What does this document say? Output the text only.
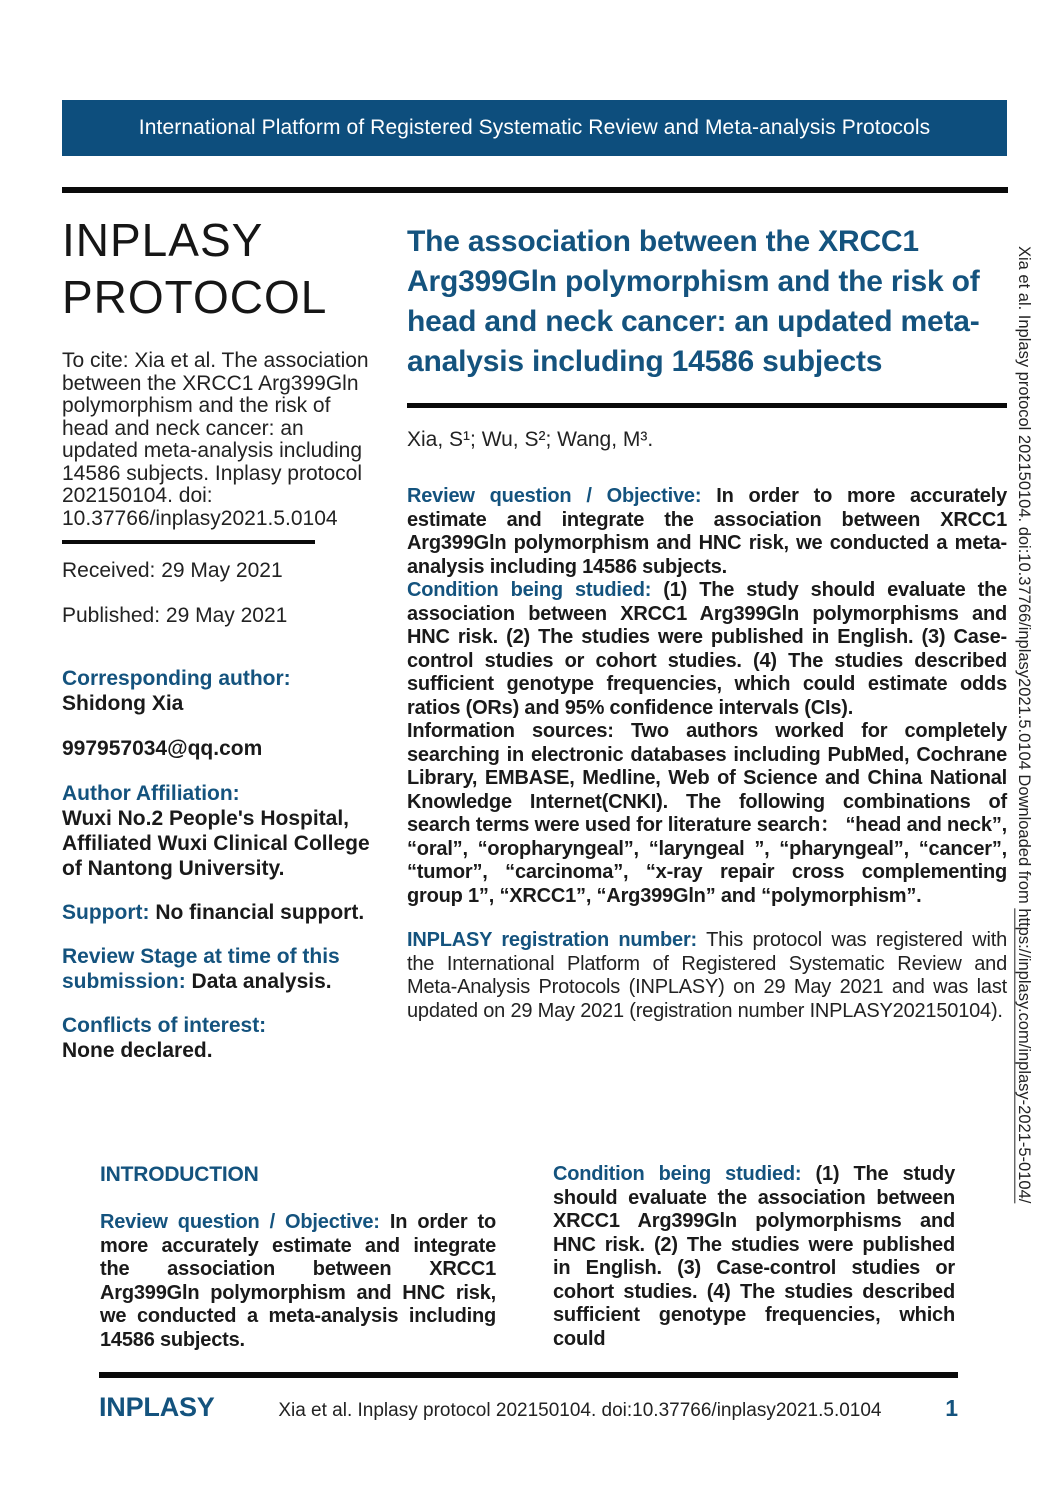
International Platform of Registered Systematic Review and Meta-analysis Protocols
INPLASY
PROTOCOL
To cite: Xia et al. The association between the XRCC1 Arg399Gln polymorphism and the risk of head and neck cancer: an updated meta-analysis including 14586 subjects. Inplasy protocol 202150104. doi: 10.37766/inplasy2021.5.0104
Received: 29 May 2021
Published: 29 May 2021
Corresponding author:
Shidong Xia
997957034@qq.com
Author Affiliation:
Wuxi No.2 People's Hospital, Affiliated Wuxi Clinical College of Nantong University.
Support: No financial support.
Review Stage at time of this submission: Data analysis.
Conflicts of interest:
None declared.
The association between the XRCC1 Arg399Gln polymorphism and the risk of head and neck cancer: an updated meta-analysis including 14586 subjects
Xia, S¹; Wu, S²; Wang, M³.

Review question / Objective: In order to more accurately estimate and integrate the association between XRCC1 Arg399Gln polymorphism and HNC risk, we conducted a meta-analysis including 14586 subjects.

Condition being studied: (1) The study should evaluate the association between XRCC1 Arg399Gln polymorphisms and HNC risk. (2) The studies were published in English. (3) Case-control studies or cohort studies. (4) The studies described sufficient genotype frequencies, which could estimate odds ratios (ORs) and 95% confidence intervals (CIs).

Information sources: Two authors worked for completely searching in electronic databases including PubMed, Cochrane Library, EMBASE, Medline, Web of Science and China National Knowledge Internet(CNKI). The following combinations of search terms were used for literature search： “head and neck”, “oral”, “oropharyngeal”, “laryngeal ”, “pharyngeal”, “cancer”, “tumor”, “carcinoma”, “x-ray repair cross complementing group 1”, “XRCC1”, “Arg399Gln” and “polymorphism”.

INPLASY registration number: This protocol was registered with the International Platform of Registered Systematic Review and Meta-Analysis Protocols (INPLASY) on 29 May 2021 and was last updated on 29 May 2021 (registration number INPLASY202150104).

INTRODUCTION

Review question / Objective: In order to more accurately estimate and integrate the association between XRCC1 Arg399Gln polymorphism and HNC risk, we conducted a meta-analysis including 14586 subjects.

Condition being studied: (1) The study should evaluate the association between XRCC1 Arg399Gln polymorphisms and HNC risk. (2) The studies were published in English. (3) Case-control studies or cohort studies. (4) The studies described sufficient genotype frequencies, which could

INPLASY	Xia et al. Inplasy protocol 202150104. doi:10.37766/inplasy2021.5.0104	1
Xia et al. Inplasy protocol 202150104. doi:10.37766/inplasy2021.5.0104 Downloaded from https://inplasy.com/inplasy-2021-5-0104/
